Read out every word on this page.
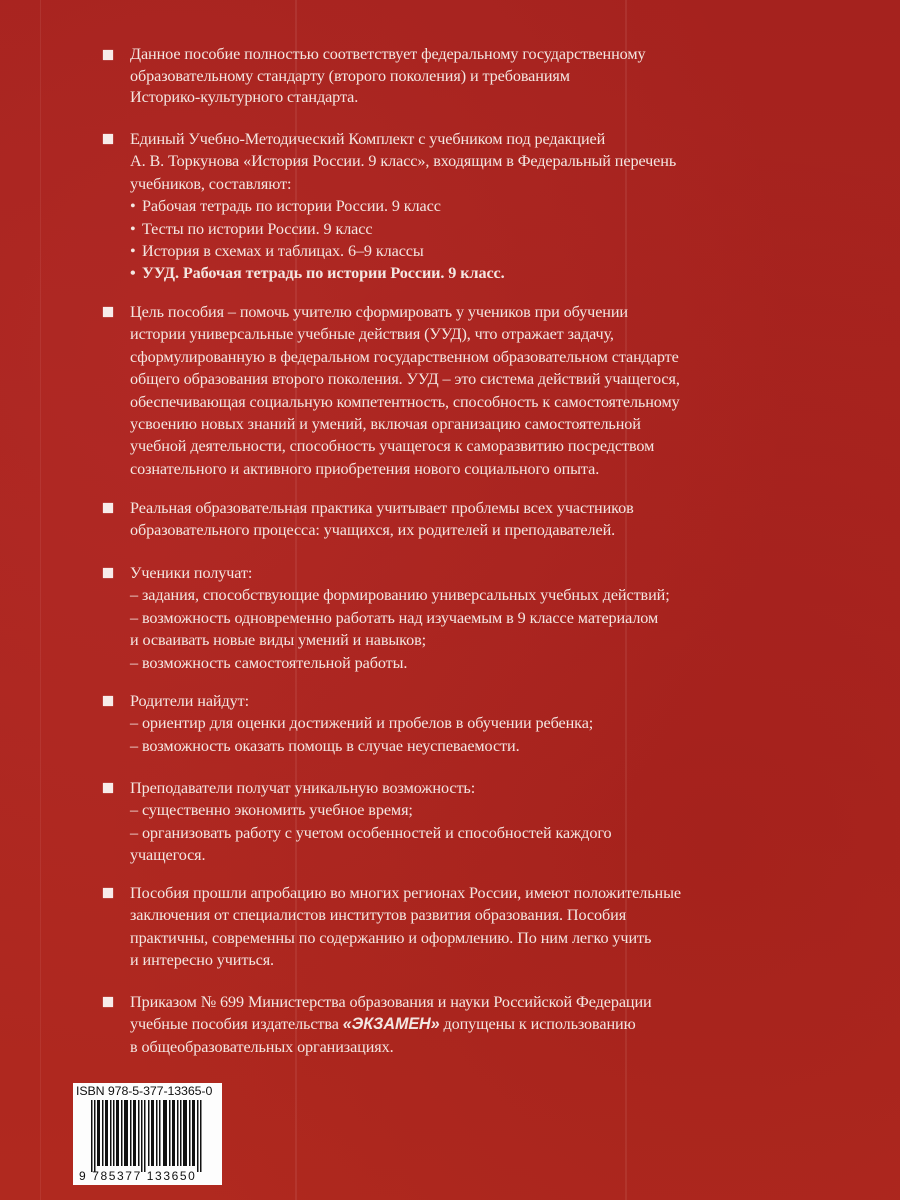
Данное пособие полностью соответствует федеральному государственному
образовательному стандарту (второго поколения) и требованиям
Историко-культурного стандарта.
Единый Учебно-Методический Комплект с учебником под редакцией
А. В. Торкунова «История России. 9 класс», входящим в Федеральный перечень
учебников, составляют:
• Рабочая тетрадь по истории России. 9 класс
• Тесты по истории России. 9 класс
• История в схемах и таблицах. 6–9 классы
• УУД. Рабочая тетрадь по истории России. 9 класс.
Цель пособия – помочь учителю сформировать у учеников при обучении
истории универсальные учебные действия (УУД), что отражает задачу,
сформулированную в федеральном государственном образовательном стандарте
общего образования второго поколения. УУД – это система действий учащегося,
обеспечивающая социальную компетентность, способность к самостоятельному
усвоению новых знаний и умений, включая организацию самостоятельной
учебной деятельности, способность учащегося к саморазвитию посредством
сознательного и активного приобретения нового социального опыта.
Реальная образовательная практика учитывает проблемы всех участников
образовательного процесса: учащихся, их родителей и преподавателей.
Ученики получат:
– задания, способствующие формированию универсальных учебных действий;
– возможность одновременно работать над изучаемым в 9 классе материалом
и осваивать новые виды умений и навыков;
– возможность самостоятельной работы.
Родители найдут:
– ориентир для оценки достижений и пробелов в обучении ребенка;
– возможность оказать помощь в случае неуспеваемости.
Преподаватели получат уникальную возможность:
– существенно экономить учебное время;
– организовать работу с учетом особенностей и способностей каждого
учащегося.
Пособия прошли апробацию во многих регионах России, имеют положительные
заключения от специалистов институтов развития образования. Пособия
практичны, современны по содержанию и оформлению. По ним легко учить
и интересно учиться.
Приказом № 699 Министерства образования и науки Российской Федерации
учебные пособия издательства «ЭКЗАМЕН» допущены к использованию
в общеобразовательных организациях.
ISBN 978-5-377-13365-0
9 785377 133650
